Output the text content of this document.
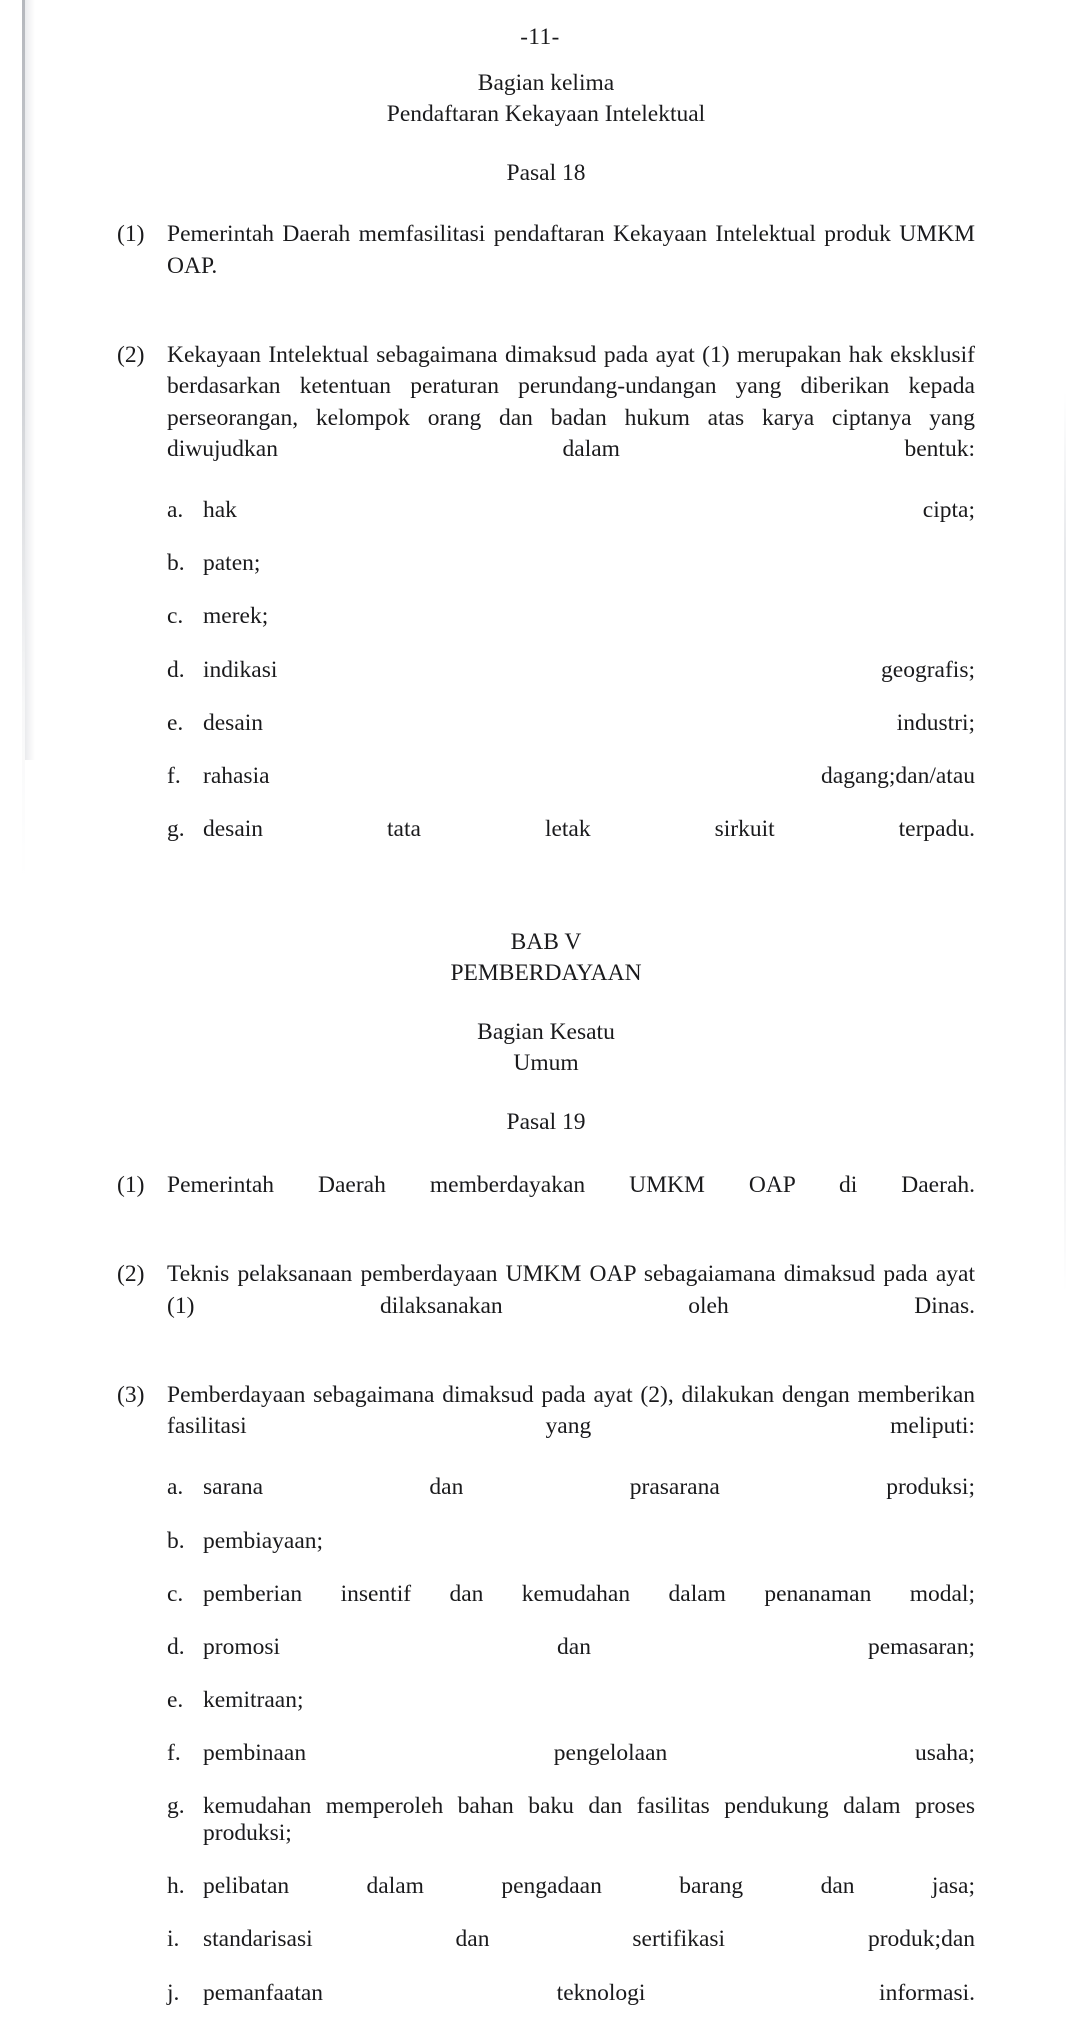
-11-
Bagian kelima
Pendaftaran Kekayaan Intelektual
Pasal 18
(1) Pemerintah Daerah memfasilitasi pendaftaran Kekayaan Intelektual produk UMKM OAP.
(2) Kekayaan Intelektual sebagaimana dimaksud pada ayat (1) merupakan hak eksklusif berdasarkan ketentuan peraturan perundang-undangan yang diberikan kepada perseorangan, kelompok orang dan badan hukum atas karya ciptanya yang diwujudkan dalam bentuk:
a. hak cipta;
b. paten;
c. merek;
d. indikasi geografis;
e. desain industri;
f. rahasia dagang;dan/atau
g. desain tata letak sirkuit terpadu.
BAB V
PEMBERDAYAAN
Bagian Kesatu
Umum
Pasal 19
(1) Pemerintah Daerah memberdayakan UMKM OAP di Daerah.
(2) Teknis pelaksanaan pemberdayaan UMKM OAP sebagaiamana dimaksud pada ayat (1) dilaksanakan oleh Dinas.
(3) Pemberdayaan sebagaimana dimaksud pada ayat (2), dilakukan dengan memberikan fasilitasi yang meliputi:
a. sarana dan prasarana produksi;
b. pembiayaan;
c. pemberian insentif dan kemudahan dalam penanaman modal;
d. promosi dan pemasaran;
e. kemitraan;
f. pembinaan pengelolaan usaha;
g. kemudahan memperoleh bahan baku dan fasilitas pendukung dalam proses produksi;
h. pelibatan dalam pengadaan barang dan jasa;
i.	standarisasi dan sertifikasi produk;dan
j.	pemanfaatan teknologi informasi.
